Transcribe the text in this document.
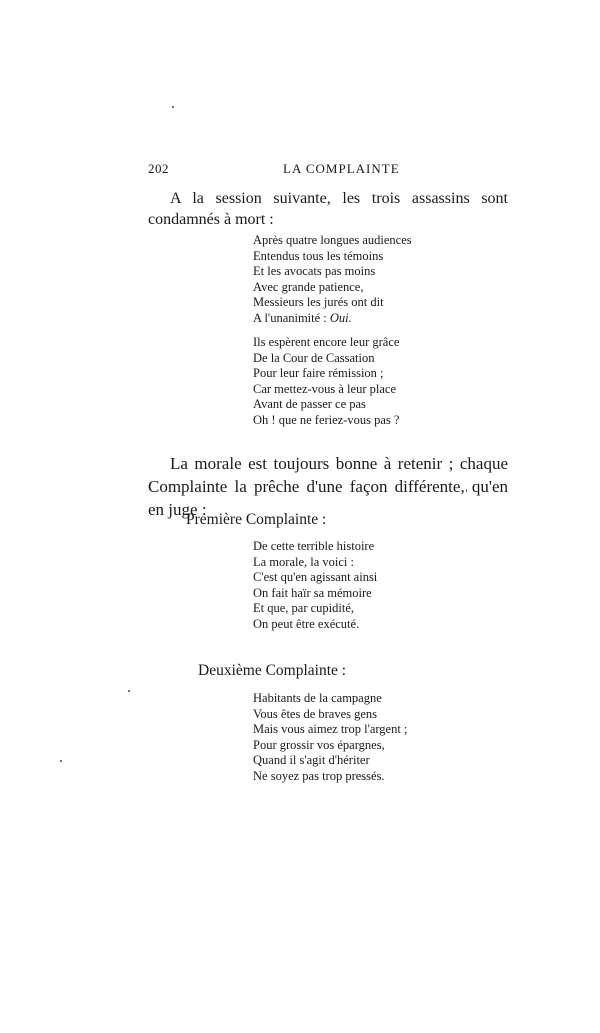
202	LA COMPLAINTE

A la session suivante, les trois assassins sont condamnés à mort :

Après quatre longues audiences
Entendus tous les témoins
Et les avocats pas moins
Avec grande patience,
Messieurs les jurés ont dit
A l'unanimité : Oui.
Ils espèrent encore leur grâce
De la Cour de Cassation
Pour leur faire rémission ;
Car mettez-vous à leur place
Avant de passer ce pas
Oh ! que ne feriez-vous pas ?

La morale est toujours bonne à retenir ; chaque Complainte la prêche d'une façon différente, qu'en en juge :

Première Complainte :

De cette terrible histoire
La morale, la voici :
C'est qu'en agissant ainsi
On fait haïr sa mémoire
Et que, par cupidité,
On peut être exécuté.

Deuxième Complainte :

Habitants de la campagne
Vous êtes de braves gens
Mais vous aimez trop l'argent ;
Pour grossir vos épargnes,
Quand il s'agit d'hériter
Ne soyez pas trop pressés.
